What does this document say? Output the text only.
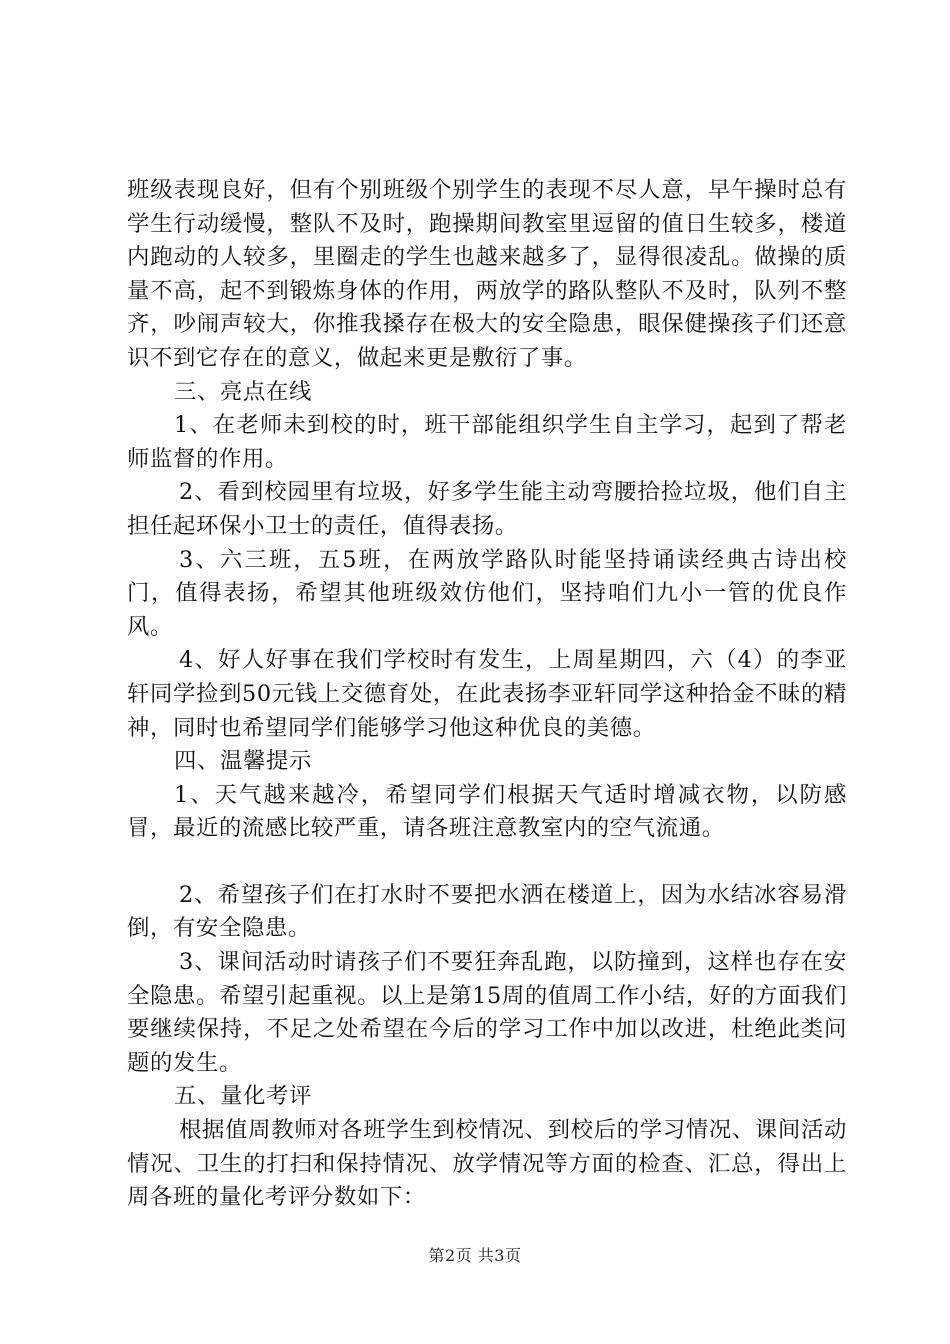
班级表现良好，但有个别班级个别学生的表现不尽人意，早午操时总有学生行动缓慢，整队不及时，跑操期间教室里逗留的值日生较多，楼道内跑动的人较多，里圈走的学生也越来越多了，显得很凌乱。做操的质量不高，起不到锻炼身体的作用，两放学的路队整队不及时，队列不整齐，吵闹声较大，你推我搡存在极大的安全隐患，眼保健操孩子们还意识不到它存在的意义，做起来更是敷衍了事。

三、亮点在线

1、在老师未到校的时，班干部能组织学生自主学习，起到了帮老师监督的作用。

2、看到校园里有垃圾，好多学生能主动弯腰拾捡垃圾，他们自主担任起环保小卫士的责任，值得表扬。

3、六三班，五5班，在两放学路队时能坚持诵读经典古诗出校门，值得表扬，希望其他班级效仿他们，坚持咱们九小一管的优良作风。

4、好人好事在我们学校时有发生，上周星期四，六（4）的李亚轩同学捡到50元钱上交德育处，在此表扬李亚轩同学这种拾金不昧的精神，同时也希望同学们能够学习他这种优良的美德。

四、温馨提示

1、天气越来越冷，希望同学们根据天气适时增减衣物，以防感冒，最近的流感比较严重，请各班注意教室内的空气流通。

2、希望孩子们在打水时不要把水洒在楼道上，因为水结冰容易滑倒，有安全隐患。

3、课间活动时请孩子们不要狂奔乱跑，以防撞到，这样也存在安全隐患。希望引起重视。以上是第15周的值周工作小结，好的方面我们要继续保持，不足之处希望在今后的学习工作中加以改进，杜绝此类问题的发生。

五、量化考评

根据值周教师对各班学生到校情况、到校后的学习情况、课间活动情况、卫生的打扫和保持情况、放学情况等方面的检查、汇总，得出上周各班的量化考评分数如下：

第2页 共3页
